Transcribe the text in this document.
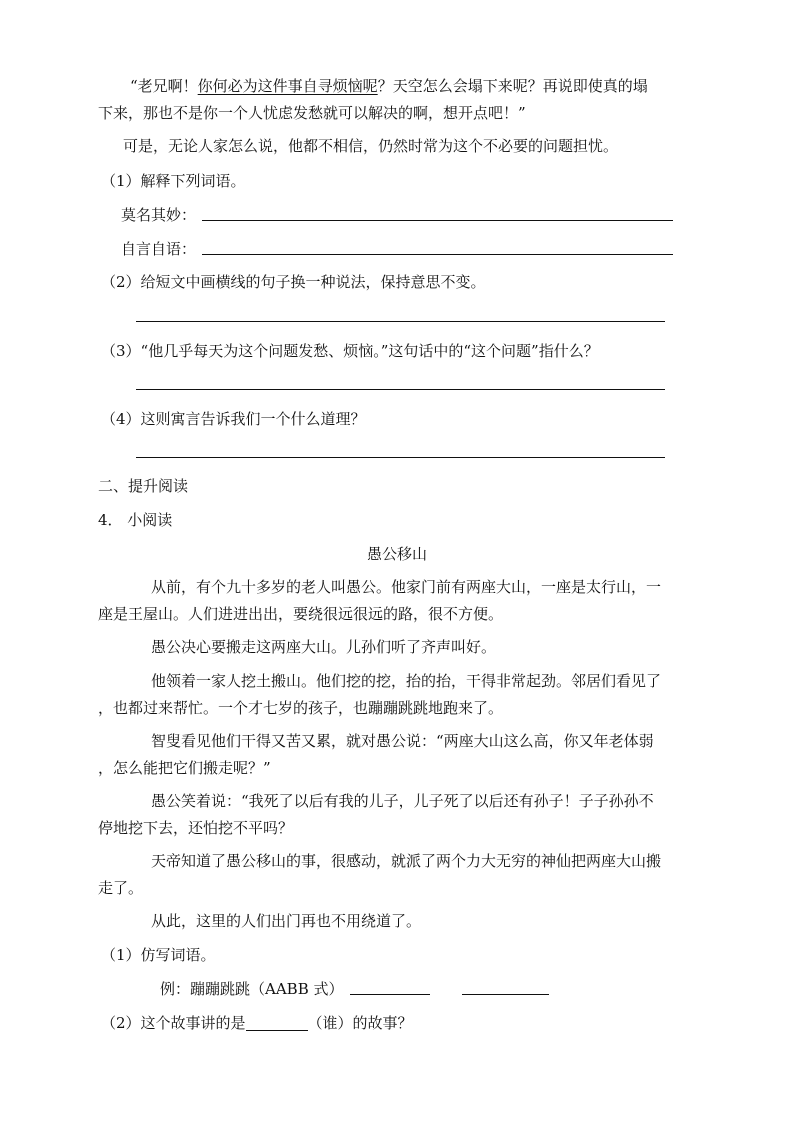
“老兄啊！你何必为这件事自寻烦恼呢？天空怎么会塌下来呢？再说即使真的塌
下来，那也不是你一个人忧虑发愁就可以解决的啊，想开点吧！”
可是，无论人家怎么说，他都不相信，仍然时常为这个不必要的问题担忧。
（1）解释下列词语。
莫名其妙：
自言自语：
（2）给短文中画横线的句子换一种说法，保持意思不变。
（3）“他几乎每天为这个问题发愁、烦恼。”这句话中的“这个问题”指什么？
（4）这则寓言告诉我们一个什么道理？
二、提升阅读
4． 小阅读
愚公移山
从前，有个九十多岁的老人叫愚公。他家门前有两座大山，一座是太行山，一
座是王屋山。人们进进出出，要绕很远很远的路，很不方便。
愚公决心要搬走这两座大山。儿孙们听了齐声叫好。
他领着一家人挖土搬山。他们挖的挖，抬的抬，干得非常起劲。邻居们看见了
，也都过来帮忙。一个才七岁的孩子，也蹦蹦跳跳地跑来了。
智叟看见他们干得又苦又累，就对愚公说：“两座大山这么高，你又年老体弱
，怎么能把它们搬走呢？”
愚公笑着说：“我死了以后有我的儿子，儿子死了以后还有孙子！子子孙孙不
停地挖下去，还怕挖不平吗？
天帝知道了愚公移山的事，很感动，就派了两个力大无穷的神仙把两座大山搬
走了。
从此，这里的人们出门再也不用绕道了。
（1）仿写词语。
例：蹦蹦跳跳（AABB 式）
（2）这个故事讲的是	（谁）的故事？
